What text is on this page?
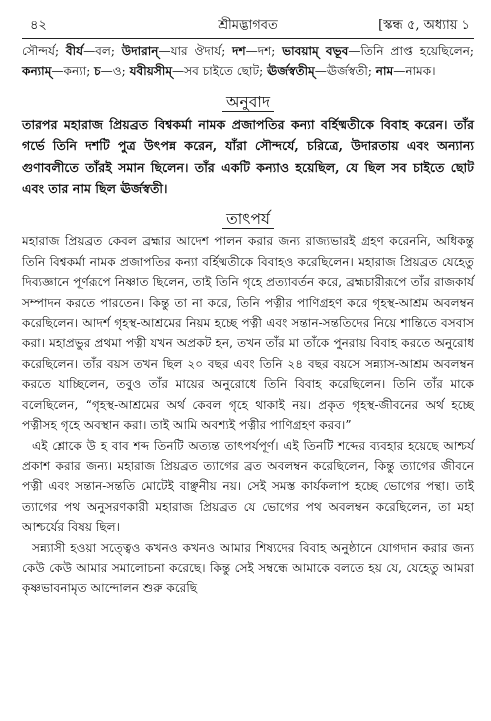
৪২	শ্রীমদ্ভাগবত	[স্কন্ধ ৫, অধ্যায় ১

সৌন্দর্য; বীর্য—বল; উদারান্—যার ঔদার্য; দশ—দশ; ভাবয়াম্ বভূব—তিনি প্রাপ্ত হয়েছিলেন; কন্যাম্—কন্যা; চ—ও; যবীয়সীম্—সব চাইতে ছোট; ঊর্জস্বতীম্—ঊর্জস্বতী; নাম—নামক।

অনুবাদ

তারপর মহারাজ প্রিয়ব্রত বিশ্বকর্মা নামক প্রজাপতির কন্যা বর্হিষ্মতীকে বিবাহ করেন। তাঁর গর্ভে তিনি দশটি পুত্র উৎপন্ন করেন, যাঁরা সৌন্দর্যে, চরিত্রে, উদারতায় এবং অন্যান্য গুণাবলীতে তাঁরই সমান ছিলেন। তাঁর একটি কন্যাও হয়েছিল, যে ছিল সব চাইতে ছোট এবং তার নাম ছিল ঊর্জস্বতী।

তাৎপর্য

মহারাজ প্রিয়ব্রত কেবল ব্রহ্মার আদেশ পালন করার জন্য রাজ্যভারই গ্রহণ করেননি, অধিকন্তু তিনি বিশ্বকর্মা নামক প্রজাপতির কন্যা বর্হিষ্মতীকে বিবাহও করেছিলেন। মহারাজ প্রিয়ব্রত যেহেতু দিব্যজ্ঞানে পূর্ণরূপে নিষ্ণাত ছিলেন, তাই তিনি গৃহে প্রত্যাবর্তন করে, ব্রহ্মচারীরূপে তাঁর রাজকার্য সম্পাদন করতে পারতেন। কিন্তু তা না করে, তিনি পত্নীর পাণিগ্রহণ করে গৃহস্থ-আশ্রম অবলম্বন করেছিলেন। আদর্শ গৃহস্থ-আশ্রমের নিয়ম হচ্ছে পত্নী এবং সন্তান-সন্ততিদের নিয়ে শান্তিতে বসবাস করা। মহাপ্রভুর প্রথমা পত্নী যখন অপ্রকট হন, তখন তাঁর মা তাঁকে পুনরায় বিবাহ করতে অনুরোধ করেছিলেন। তাঁর বয়স তখন ছিল ২০ বছর এবং তিনি ২৪ বছর বয়সে সন্ন্যাস-আশ্রম অবলম্বন করতে যাচ্ছিলেন, তবুও তাঁর মায়ের অনুরোধে তিনি বিবাহ করেছিলেন। তিনি তাঁর মাকে বলেছিলেন, “গৃহস্থ-আশ্রমের অর্থ কেবল গৃহে থাকাই নয়। প্রকৃত গৃহস্থ-জীবনের অর্থ হচ্ছে পত্নীসহ গৃহে অবস্থান করা। তাই আমি অবশ্যই পত্নীর পাণিগ্রহণ করব।”

এই শ্লোকে উ হ বাব শব্দ তিনটি অত্যন্ত তাৎপর্যপূর্ণ। এই তিনটি শব্দের ব্যবহার হয়েছে আশ্চর্য প্রকাশ করার জন্য। মহারাজ প্রিয়ব্রত ত্যাগের ব্রত অবলম্বন করেছিলেন, কিন্তু ত্যাগের জীবনে পত্নী এবং সন্তান-সন্ততি মোটেই বাঞ্ছনীয় নয়। সেই সমস্ত কার্যকলাপ হচ্ছে ভোগের পন্থা। তাই ত্যাগের পথ অনুসরণকারী মহারাজ প্রিয়ব্রত যে ভোগের পথ অবলম্বন করেছিলেন, তা মহা আশ্চর্যের বিষয় ছিল।

সন্ন্যাসী হওয়া সত্ত্বেও কখনও কখনও আমার শিষ্যদের বিবাহ অনুষ্ঠানে যোগদান করার জন্য কেউ কেউ আমার সমালোচনা করেছে। কিন্তু সেই সম্বন্ধে আমাকে বলতে হয় যে, যেহেতু আমরা কৃষ্ণভাবনামৃত আন্দোলন শুরু করেছি
